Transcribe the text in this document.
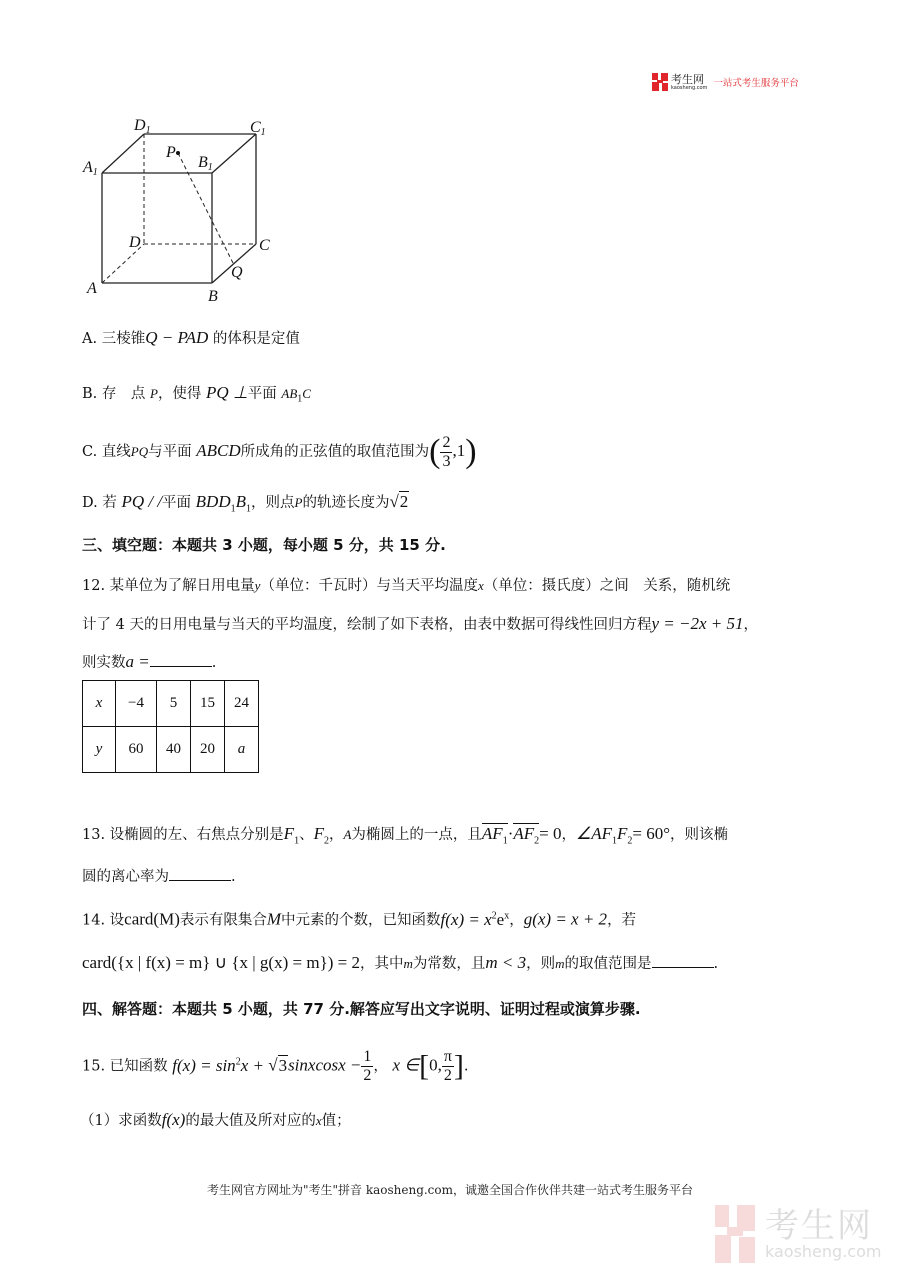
考生网
kaosheng.com 一站式考生服务平台
D1	C1
A1
P
B1
D	C
Q
A	B
A. 三棱锥Q − PAD 的体积是定值
B. 存　点 P，使得 PQ ⊥平面 $AB_1C$
C. 直线PQ与平面 ABCD所成角的正弦值的取值范围为( $\frac{2}{3} ,1$)
D. 若 PQ / /平面 $BDD_1B_1$，则点P的轨迹长度为√2
三、填空题：本题共 3 小题，每小题 5 分，共 15 分.
12. 某单位为了解日用电量y（单位：千瓦时）与当天平均温度x（单位：摄氏度）之间　关系，随机统
计了 4 天的日用电量与当天的平均温度，绘制了如下表格，由表中数据可得线性回归方程y = −2x + 51，
则实数a =	.
x	−4	5	15	24
y	60	40	20	a
13. 设椭圆的左、右焦点分别是$F_1$、$F_2$，A为椭圆上的一点，且$AF_1\cdot AF_2= 0$，$\angle AF_1F_2= 60^\circ$，则该椭
圆的离心率为	.
14. 设card(M)表示有限集合M中元素的个数，已知函数$f(x) = x^2e^x$，g(x) = x + 2，若
card({x | f(x) = m} ∪ {x | g(x) = m}) = 2，其中m为常数，且m < 3，则m的取值范围是	.
四、解答题：本题共 5 小题，共 77 分.解答应写出文字说明、证明过程或演算步骤.
15. 已知函数 $f(x) = \sin^2x$ + √3sinxcosx − $\frac{1}{2}$ ， x ∈[0, $\frac{\pi}{2}$ ].
（1）求函数f(x)的最大值及所对应的x值；
考生网官方网址为"考生"拼音 kaosheng.com，诚邀全国合作伙伴共建一站式考生服务平台
考生网
kaosheng.com
